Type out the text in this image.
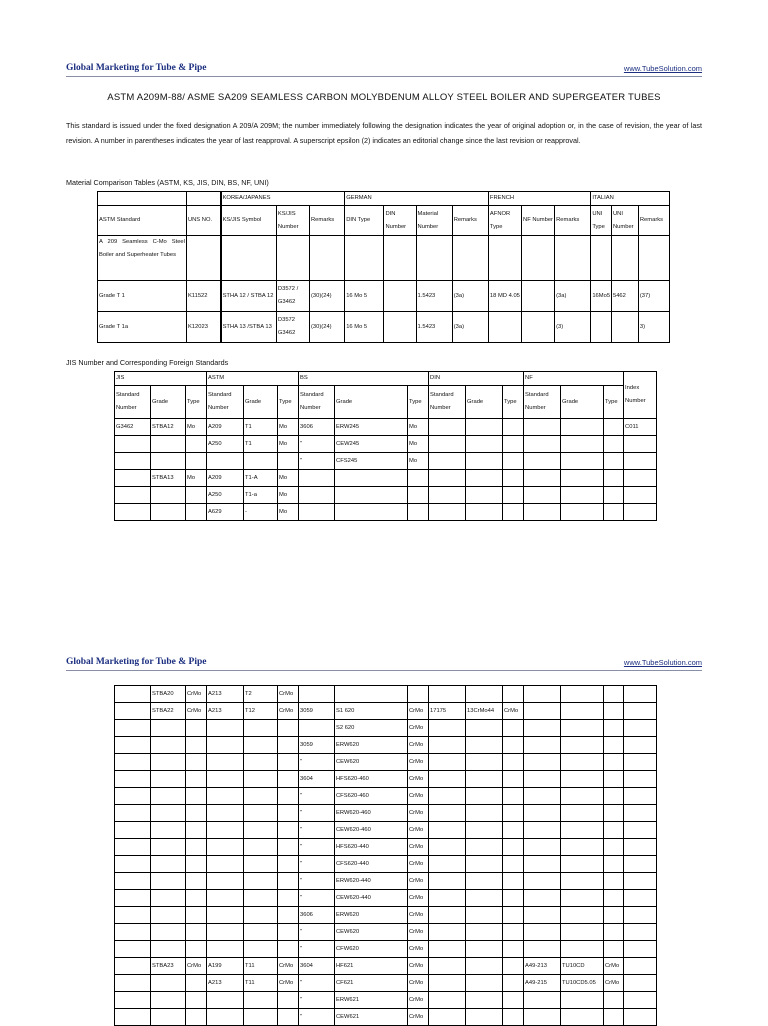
Global Marketing for Tube & Pipe	www.TubeSolution.com
ASTM A209M-88/ ASME SA209 SEAMLESS CARBON MOLYBDENUM ALLOY STEEL BOILER AND SUPERGEATER TUBES
This standard is issued under the fixed designation A 209/A 209M; the number immediately following the designation indicates the year of original adoption or, in the case of revision, the year of last revision. A number in parentheses indicates the year of last reapproval. A superscript epsilon (2) indicates an editorial change since the last revision or reapproval.
Material Comparison Tables (ASTM, KS, JIS, DIN, BS, NF, UNI)
		KOREA/JAPANES			GERMAN				FRENCH			ITALIAN		
ASTM Standard	UNS NO.	KS/JIS Symbol	KS/JIS Number	Remarks	DIN Type	DIN Number	Material Number	Remarks	AFNOR Type	NF Number	Remarks	UNI Type	UNI Number	Remarks
A 209 Seamless C-Mo Steel Boiler and Superheater Tubes														
Grade T 1	K11522	STHA 12 / STBA 12	D3572 / G3462	(30)(24)	16 Mo 5		1.5423	(3a)	18 MD 4.05		(3a)	16Mo5	5462	(37)
Grade T 1a	K12023	STHA 13 /STBA 13	D3572 G3462	(30)(24)	16 Mo 5		1.5423	(3a)			(3)			3)
JIS Number and Corresponding Foreign Standards
JIS			ASTM			BS			DIN			NF			Index Number
Standard Number	Grade	Type	Standard Number	Grade	Type	Standard Number	Grade	Type	Standard Number	Grade	Type	Standard Number	Grade	Type	
G3462	STBA12	Mo	A209	T1	Mo	3606	ERW245	Mo							C011
			A250	T1	Mo	"	CEW245	Mo							
						"	CFS245	Mo							
	STBA13	Mo	A209	T1-A	Mo										
			A250	T1-a	Mo										
			A629	-	Mo										
Global Marketing for Tube & Pipe	www.TubeSolution.com
	STBA20	CrMo	A213	T2	CrMo										
	STBA22	CrMo	A213	T12	CrMo	3059	S1 620	CrMo	17175	13CrMo44	CrMo				
							S2 620	CrMo							
						3059	ERW620	CrMo							
						"	CEW620	CrMo							
						3604	HFS620-460	CrMo							
						"	CFS620-460	CrMo							
						"	ERW620-460	CrMo							
						"	CEW620-460	CrMo							
						"	HFS620-440	CrMo							
						"	CFS620-440	CrMo							
						"	ERW620-440	CrMo							
						"	CEW620-440	CrMo							
						3606	ERW620	CrMo							
						"	CEW620	CrMo							
						"	CFW620	CrMo							
	STBA23	CrMo	A199	T11	CrMo	3604	HF621	CrMo				A49-213	TU10CD	CrMo	
			A213	T11	CrMo	"	CF621	CrMo				A49-215	TU10CD5.05	CrMo	
						"	ERW621	CrMo							
						"	CEW621	CrMo							
